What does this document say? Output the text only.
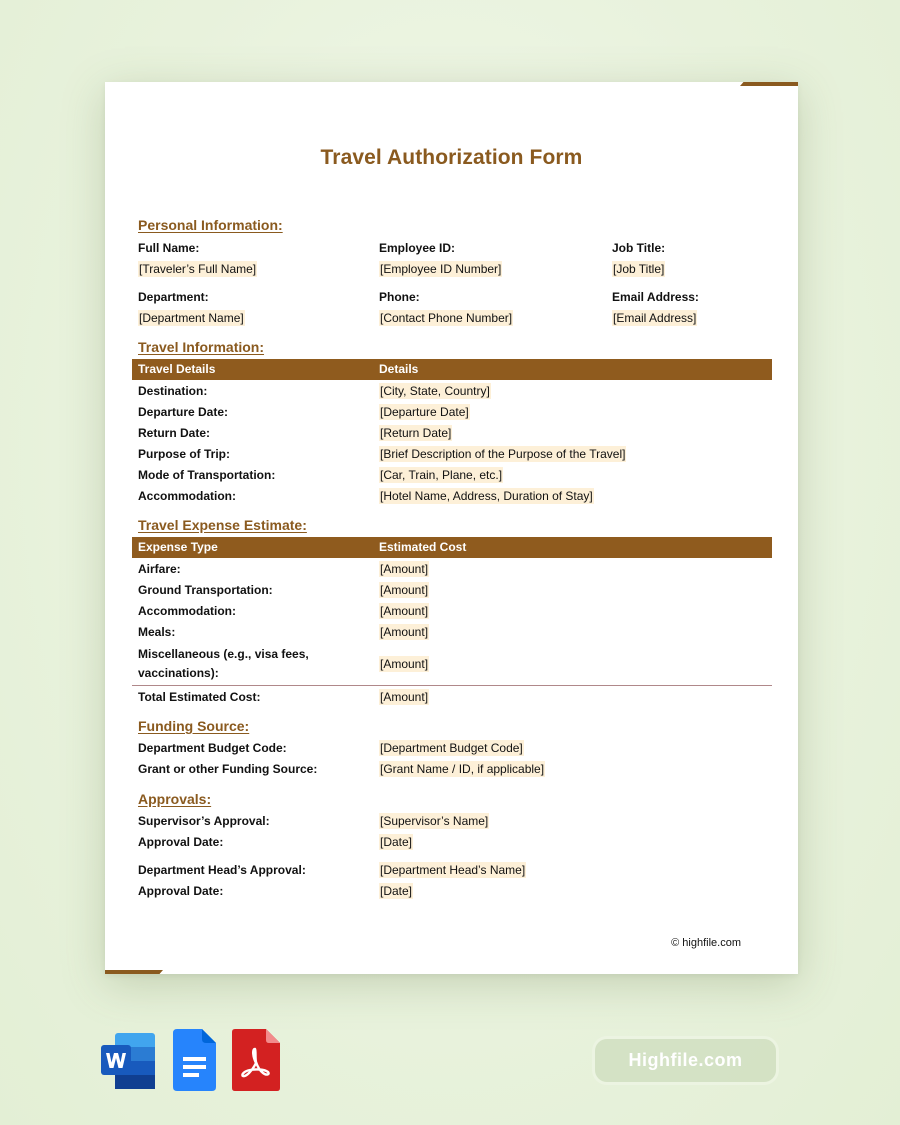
Travel Authorization Form
Personal Information:
Full Name:
[Traveler’s Full Name]
Employee ID:
[Employee ID Number]
Job Title:
[Job Title]
Department:
[Department Name]
Phone:
[Contact Phone Number]
Email Address:
[Email Address]
Travel Information:
Travel Details	Details
Destination:	[City, State, Country]
Departure Date:	[Departure Date]
Return Date:	[Return Date]
Purpose of Trip:	[Brief Description of the Purpose of the Travel]
Mode of Transportation:	[Car, Train, Plane, etc.]
Accommodation:	[Hotel Name, Address, Duration of Stay]
Travel Expense Estimate:
Expense Type	Estimated Cost
Airfare:	[Amount]
Ground Transportation:	[Amount]
Accommodation:	[Amount]
Meals:	[Amount]
Miscellaneous (e.g., visa fees,
vaccinations):
[Amount]
Total Estimated Cost:	[Amount]
Funding Source:
Department Budget Code:	[Department Budget Code]
Grant or other Funding Source:	[Grant Name / ID, if applicable]
Approvals:
Supervisor’s Approval:	[Supervisor’s Name]
Approval Date:	[Date]
Department Head’s Approval:	[Department Head’s Name]
Approval Date:	[Date]
© highfile.com
Highfile.com
